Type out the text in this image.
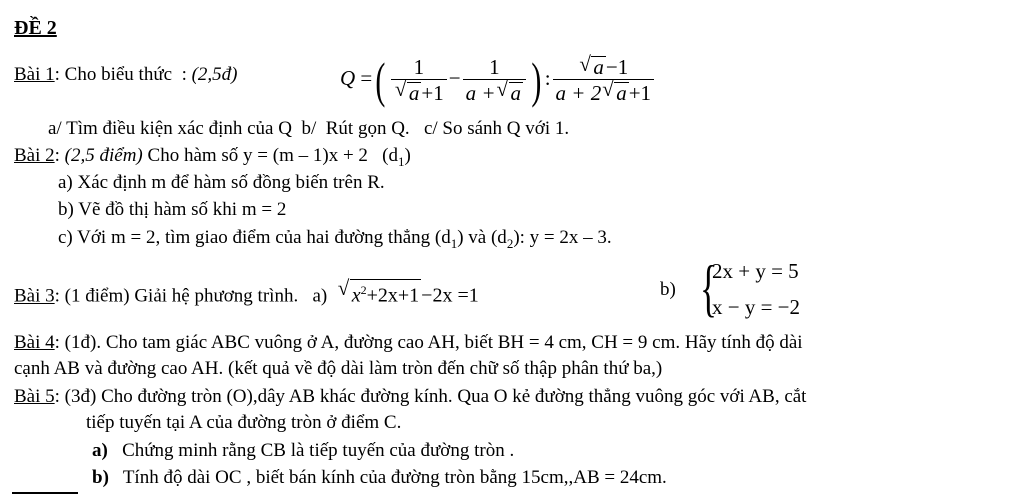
ĐỀ 2
Bài 1: Cho biểu thức  : (2,5đ)	Q =( $\frac{1}{√ a+1} - \frac{1}{a + √ a}$ ) : $\frac{√ a-1}{a + 2 √ a+1}$
a/ Tìm điều kiện xác định của Q b/ Rút gọn Q. c/ So sánh Q với 1.
Bài 2: (2,5 điểm) Cho hàm số y = (m – 1)x + 2 $(d_1)$
a) Xác định m để hàm số đồng biến trên R.
b) Vẽ đồ thị hàm số khi m = 2
c) Với m = 2, tìm giao điểm của hai đường thẳng $(d_1)$ và $(d_2)$: y = 2x – 3.
Bài 3: (1 điểm) Giải hệ phương trình. a) √ $x^2+2x+1 -2x =1$	b) {
2x + y = 5
x − y = −2
Bài 4: (1đ). Cho tam giác ABC vuông ở A, đường cao AH, biết BH = 4 cm, CH = 9 cm. Hãy tính độ dài
cạnh AB và đường cao AH. (kết quả về độ dài làm tròn đến chữ số thập phân thứ ba,)
Bài 5: (3đ) Cho đường tròn (O),dây AB khác đường kính. Qua O kẻ đường thẳng vuông góc với AB, cắt
tiếp tuyến tại A của đường tròn ở điểm C.
a) Chứng minh rằng CB là tiếp tuyến của đường tròn .
b) Tính độ dài OC , biết bán kính của đường tròn bằng 15cm,,AB = 24cm.
